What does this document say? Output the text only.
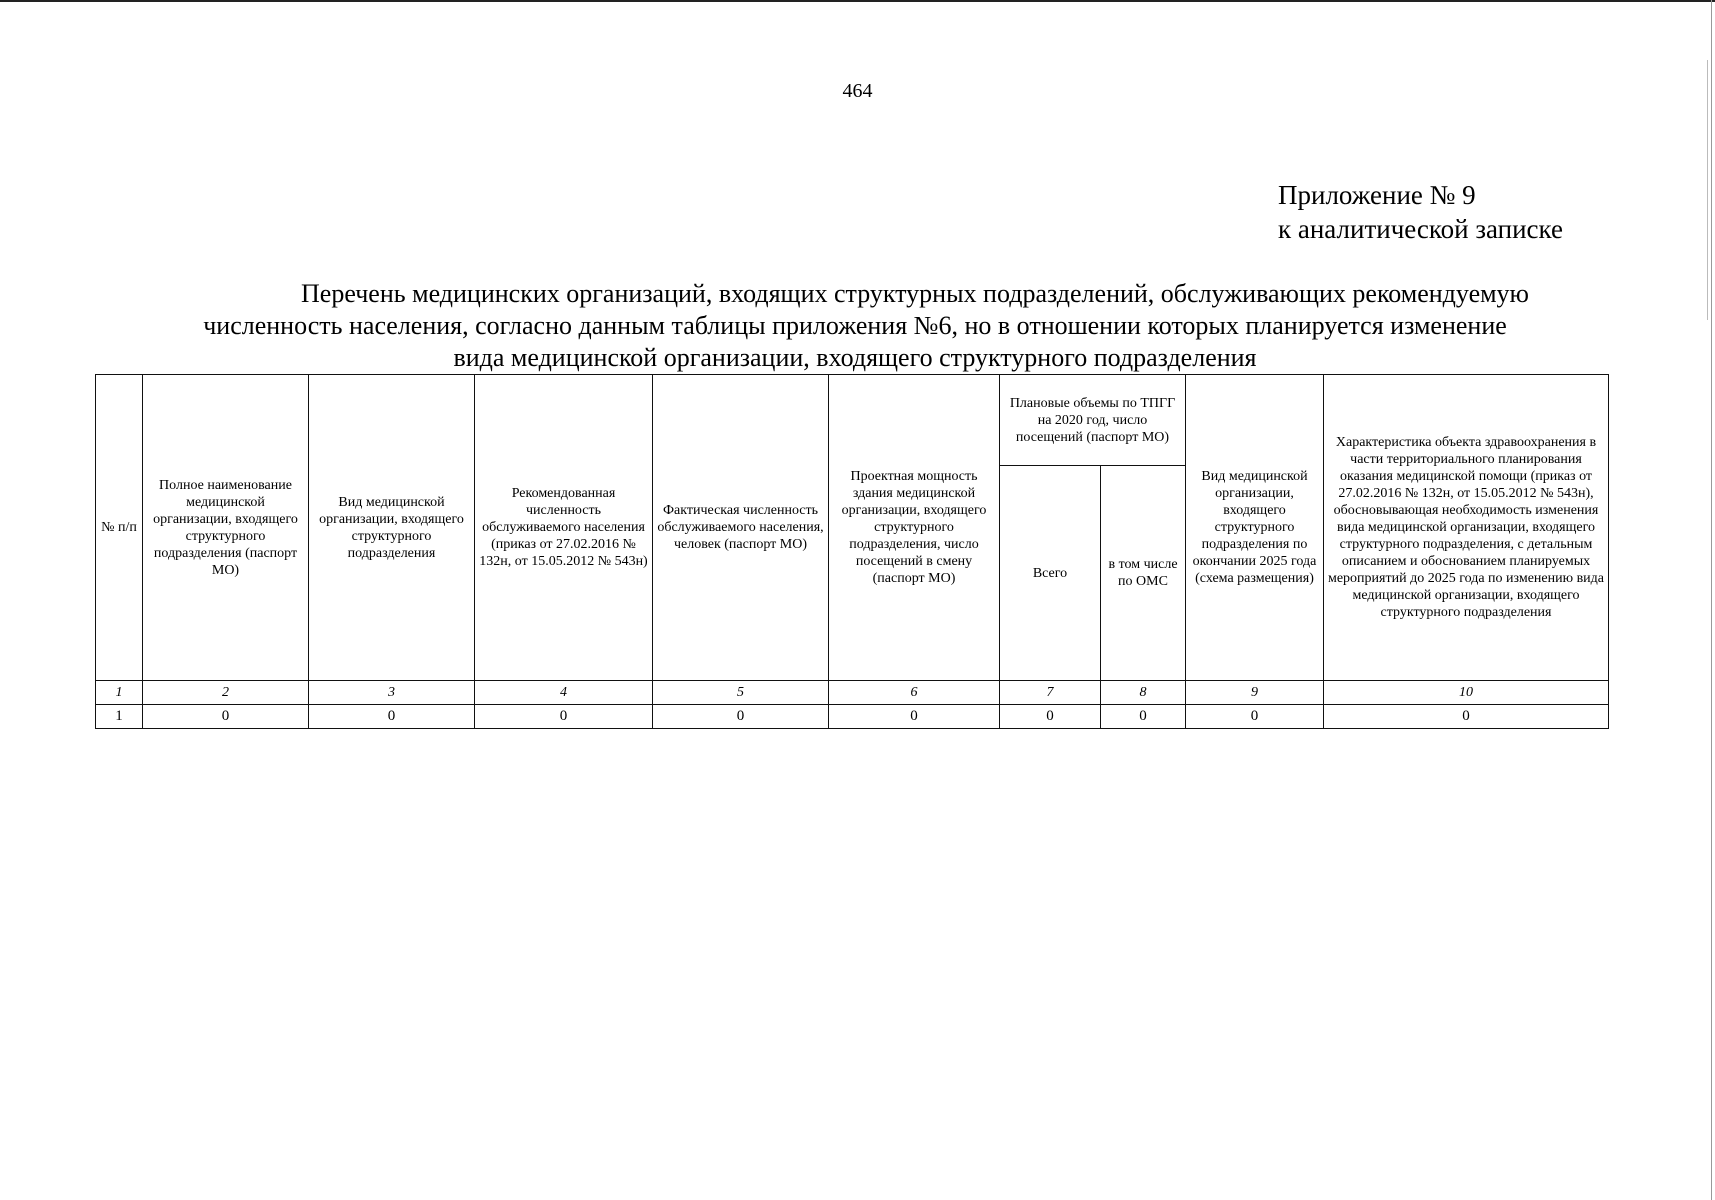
464
Приложение № 9
к аналитической записке
Перечень медицинских организаций, входящих структурных подразделений, обслуживающих рекомендуемую
численность населения, согласно данным таблицы приложения №6, но в отношении которых планируется изменение
вида медицинской организации, входящего структурного подразделения
№ п/п	Полное наименование медицинской организации, входящего структурного подразделения (паспорт МО)	Вид медицинской организации, входящего структурного подразделения	Рекомендованная численность обслуживаемого населения (приказ от 27.02.2016 № 132н, от 15.05.2012 № 543н)	Фактическая численность обслуживаемого населения, человек (паспорт МО)	Проектная мощность здания медицинской организации, входящего структурного подразделения, число посещений в смену (паспорт МО)	Плановые объемы по ТПГГ на 2020 год, число посещений (паспорт МО)		Вид медицинской организации, входящего структурного подразделения по окончании 2025 года (схема размещения)	Характеристика объекта здравоохранения в части территориального планирования оказания медицинской помощи (приказ от 27.02.2016 № 132н, от 15.05.2012 № 543н), обосновывающая необходимость изменения вида медицинской организации, входящего структурного подразделения, с детальным описанием и обоснованием планируемых мероприятий до 2025 года по изменению вида медицинской организации, входящего структурного подразделения
						Всего	в том числе по ОМС		
1	2	3	4	5	6	7	8	9	10
1	0	0	0	0	0	0	0	0	0
